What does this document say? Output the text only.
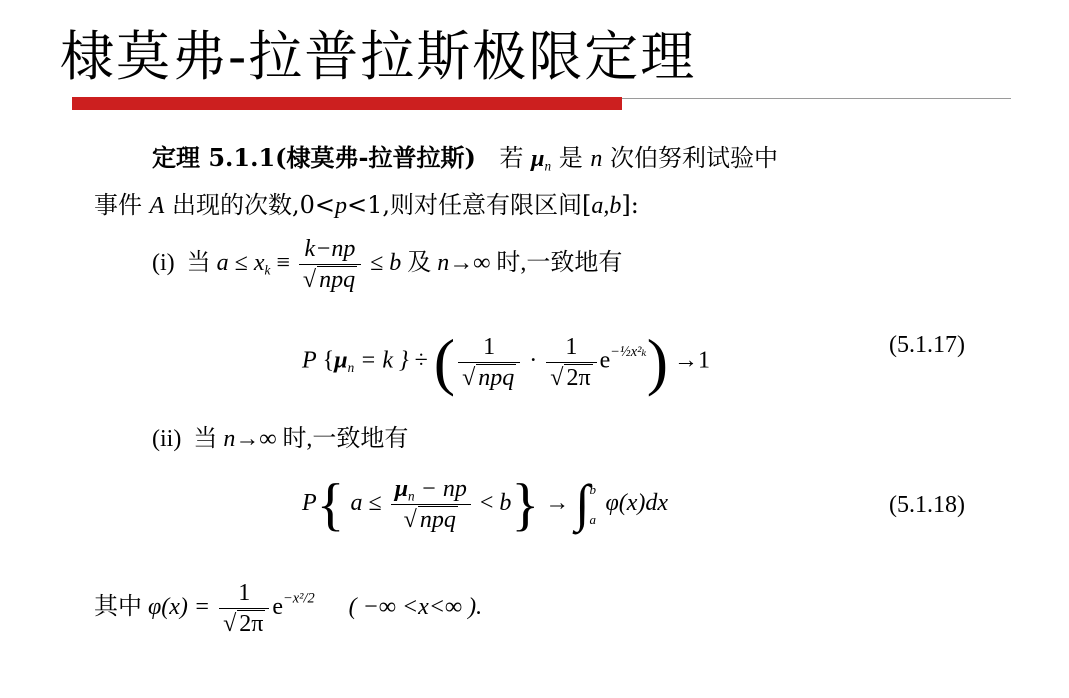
棣莫弗-拉普拉斯极限定理
定理 5.1.1(棣莫弗-拉普拉斯) 若 $\mu_n$ 是 n 次伯努利试验中
事件 A 出现的次数,0<p<1,则对任意有限区间[a,b]:
(i) 当 $a \le x_k \equiv \frac{k-np}{\text{√ npq}} \le b$ 及 n→∞ 时,一致地有
P {$\mu_n = k$ } ÷ ( $\frac{1}{\text{√ npq}} \cdot \frac{1}{√ 2\pi} e^{-\frac{1}{2}x^2_k}) \to 1$
(5.1.17)
(ii) 当 n→∞ 时,一致地有
P{ $a \le \frac{\mu_n - np}{\text{√ npq}} < b$} → ∫ b
a
φ(x)dx	(5.1.18)
其中 $\varphi(x) = \frac{1}{√ 2\pi} e^{-x^2/2}$ ( −∞ <x<∞ ).
